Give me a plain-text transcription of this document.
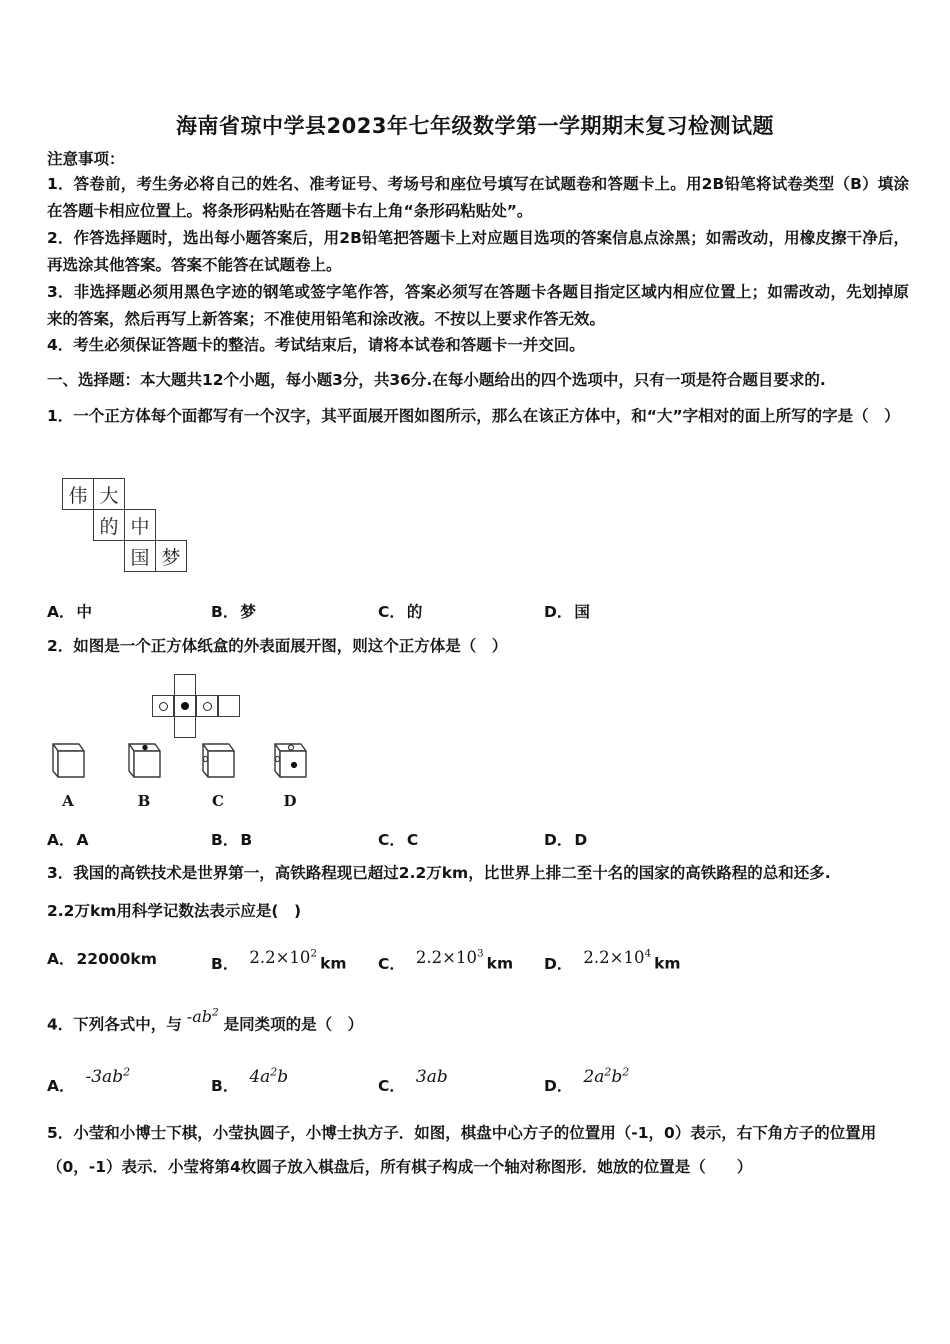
海南省琼中学县2023年七年级数学第一学期期末复习检测试题
注意事项：
1．答卷前，考生务必将自己的姓名、准考证号、考场号和座位号填写在试题卷和答题卡上。用2B铅笔将试卷类型（B）填涂在答题卡相应位置上。将条形码粘贴在答题卡右上角“条形码粘贴处”。
2．作答选择题时，选出每小题答案后，用2B铅笔把答题卡上对应题目选项的答案信息点涂黑；如需改动，用橡皮擦干净后，再选涂其他答案。答案不能答在试题卷上。
3．非选择题必须用黑色字迹的钢笔或签字笔作答，答案必须写在答题卡各题目指定区域内相应位置上；如需改动，先划掉原来的答案，然后再写上新答案；不准使用铅笔和涂改液。不按以上要求作答无效。
4．考生必须保证答题卡的整洁。考试结束后，请将本试卷和答题卡一并交回。
一、选择题：本大题共12个小题，每小题3分，共36分.在每小题给出的四个选项中，只有一项是符合题目要求的.
1．一个正方体每个面都写有一个汉字，其平面展开图如图所示，那么在该正方体中，和“大”字相对的面上所写的字是（　）
伟 大
的 中
国 梦
A． 中	B． 梦	C． 的	D． 国
2．如图是一个正方体纸盒的外表面展开图，则这个正方体是（　）
A	B	C	D
A． A	B． B	C． C	D． D
3．我国的高铁技术是世界第一，高铁路程现已超过2.2万km，比世界上排二至十名的国家的高铁路程的总和还多.
2.2万km用科学记数法表示应是(　)
A． 22000km	B． $2.2\times 10^2km$	C． $2.2\times 10^3km$	D． $2.2\times 10^4km$
4．下列各式中，与 $-ab^2$是同类项的是（　）
A． $-3ab^2$
B． $4a^2b$	C． 3ab	D． $2a^2b^2$
5．小莹和小博士下棋，小莹执圆子，小博士执方子．如图，棋盘中心方子的位置用（-1，0）表示，右下角方子的位置用（0，-1）表示．小莹将第4枚圆子放入棋盘后，所有棋子构成一个轴对称图形．她放的位置是（　　）
